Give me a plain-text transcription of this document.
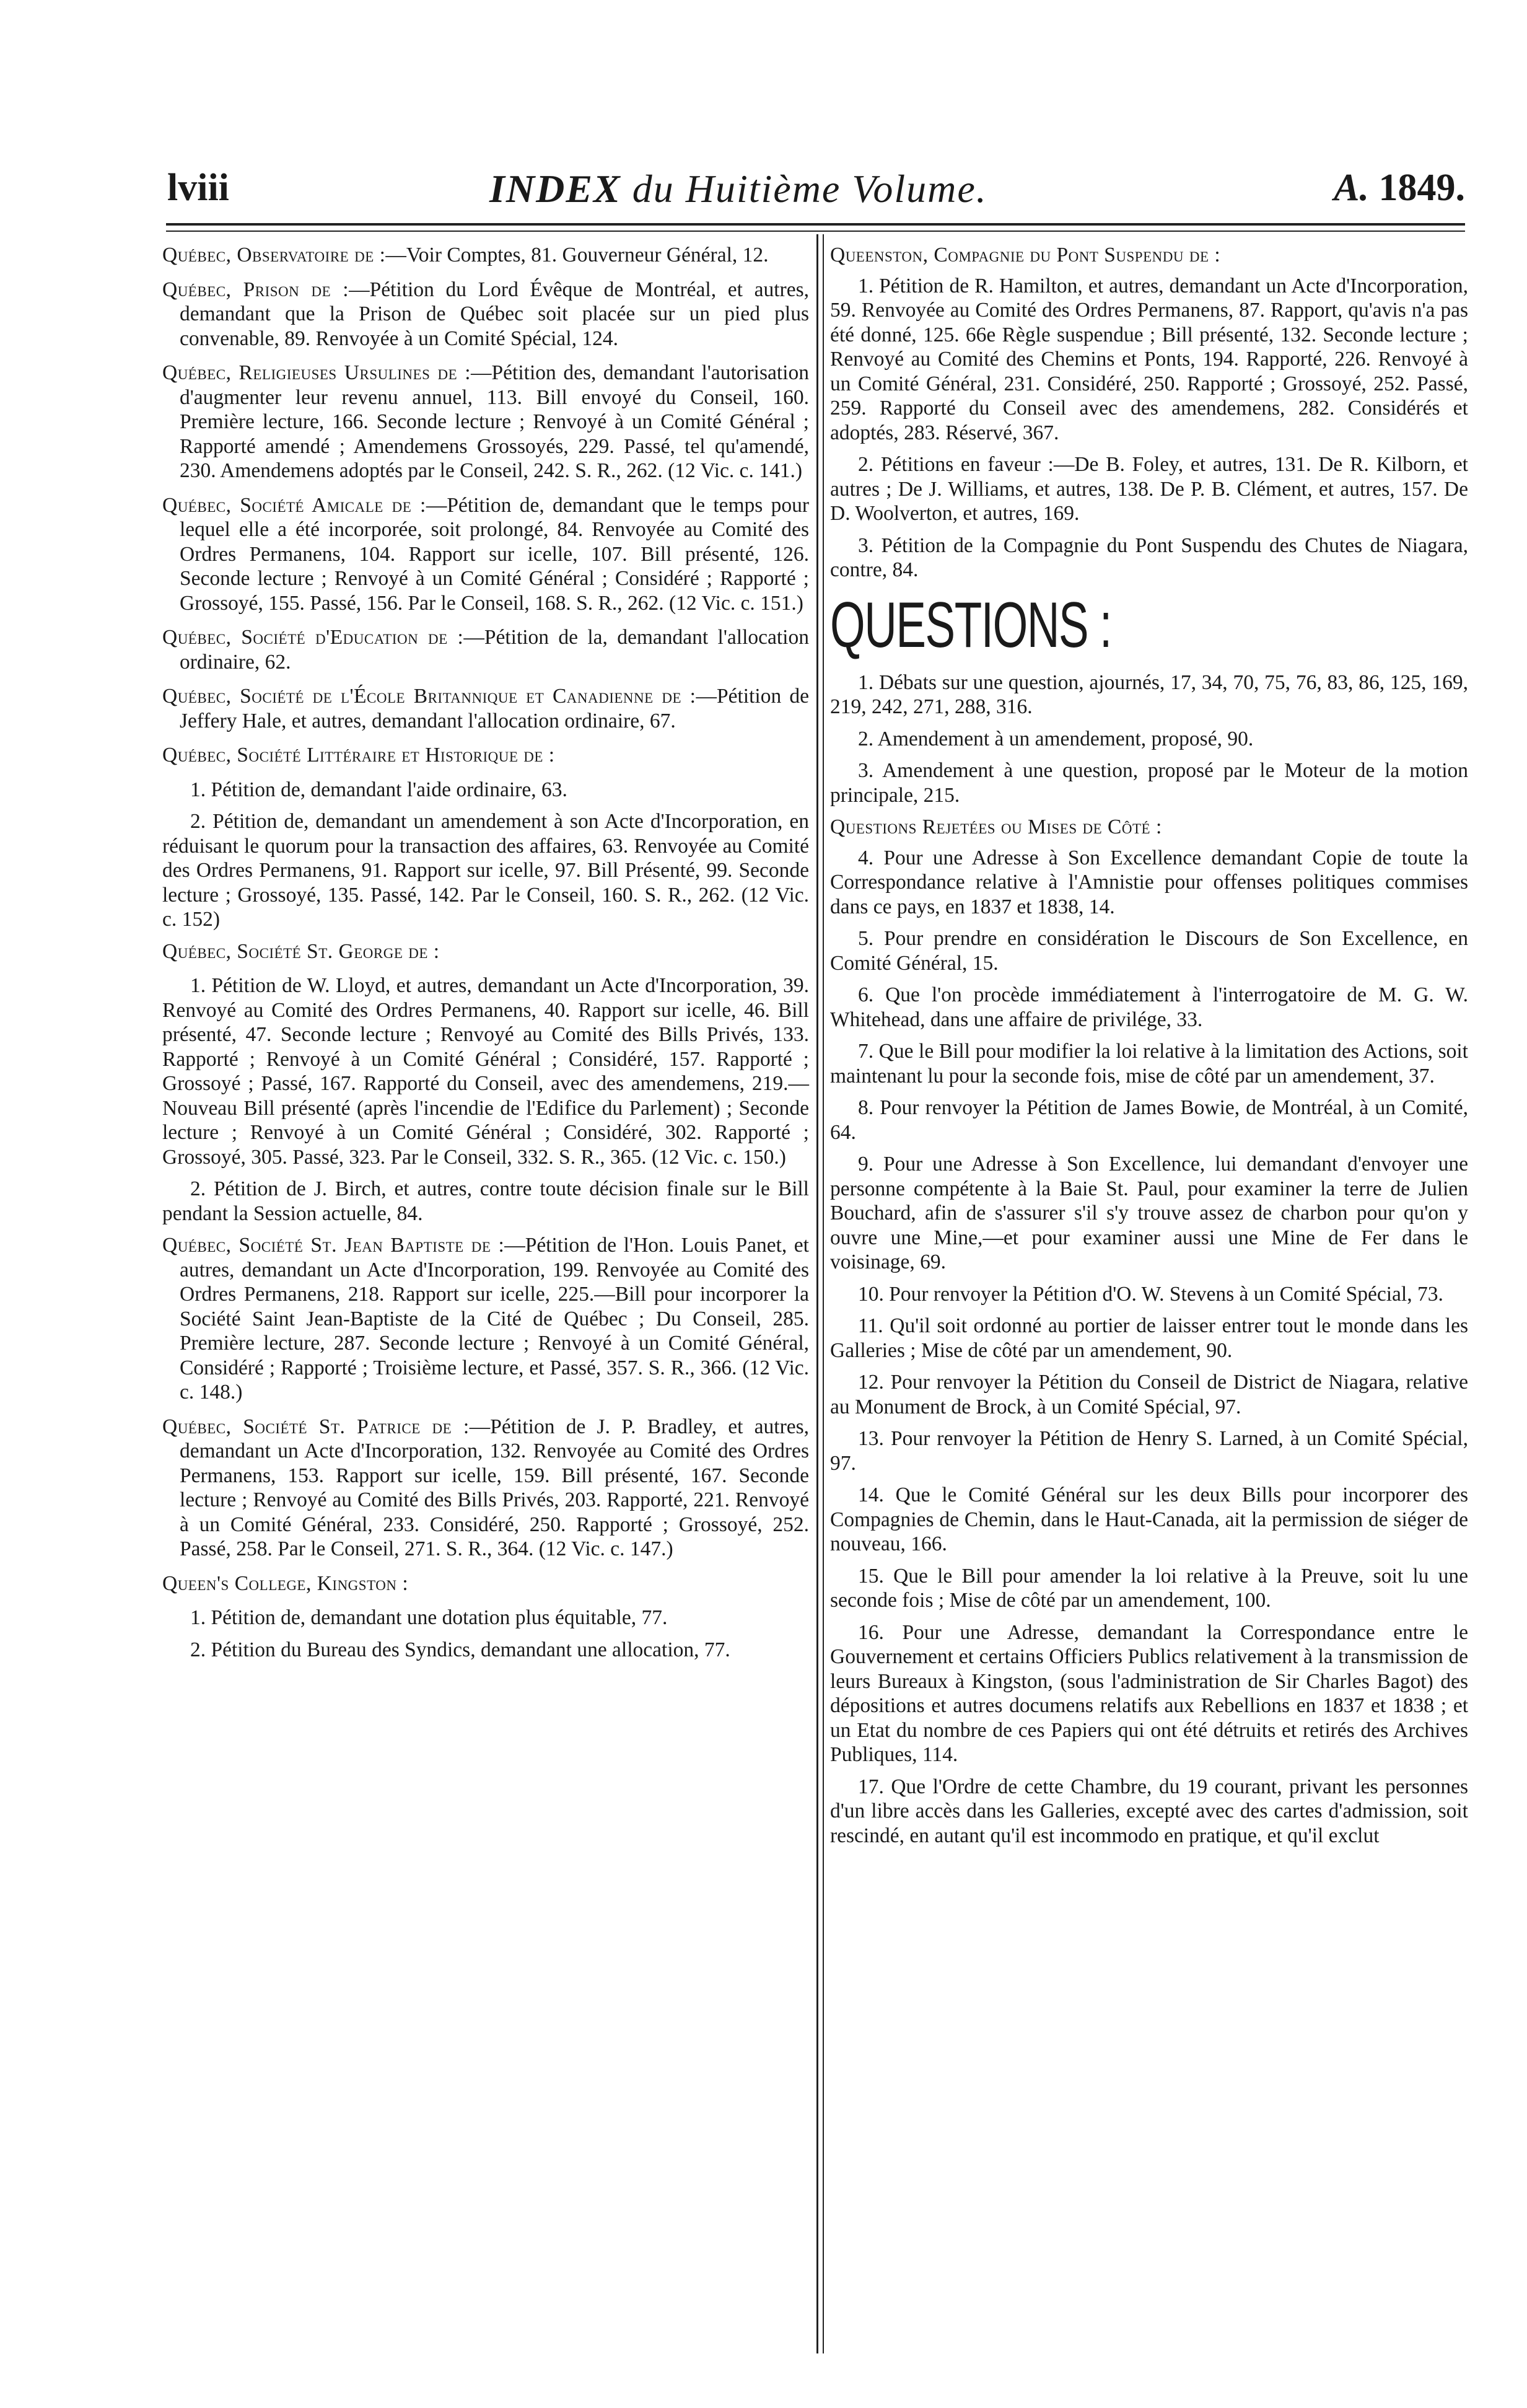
lviii	INDEX du Huitième Volume.	A. 1849.
Québec, Observatoire de :—Voir Comptes, 81. Gouverneur Général, 12.
Québec, Prison de :—Pétition du Lord Évêque de Montréal, et autres, demandant que la Prison de Québec soit placée sur un pied plus convenable, 89. Renvoyée à un Comité Spécial, 124.
Québec, Religieuses Ursulines de :—Pétition des, demandant l'autorisation d'augmenter leur revenu annuel, 113. Bill envoyé du Conseil, 160. Première lecture, 166. Seconde lecture ; Renvoyé à un Comité Général ; Rapporté amendé ; Amendemens Grossoyés, 229. Passé, tel qu'amendé, 230. Amendemens adoptés par le Conseil, 242. S. R., 262. (12 Vic. c. 141.)
Québec, Société Amicale de :—Pétition de, demandant que le temps pour lequel elle a été incorporée, soit prolongé, 84. Renvoyée au Comité des Ordres Permanens, 104. Rapport sur icelle, 107. Bill présenté, 126. Seconde lecture ; Renvoyé à un Comité Général ; Considéré ; Rapporté ; Grossoyé, 155. Passé, 156. Par le Conseil, 168. S. R., 262. (12 Vic. c. 151.)
Québec, Société d'Education de :—Pétition de la, demandant l'allocation ordinaire, 62.
Québec, Société de l'École Britannique et Canadienne de :—Pétition de Jeffery Hale, et autres, demandant l'allocation ordinaire, 67.
Québec, Société Littéraire et Historique de :
1. Pétition de, demandant l'aide ordinaire, 63.
2. Pétition de, demandant un amendement à son Acte d'Incorporation, en réduisant le quorum pour la transaction des affaires, 63. Renvoyée au Comité des Ordres Permanens, 91. Rapport sur icelle, 97. Bill Présenté, 99. Seconde lecture ; Grossoyé, 135. Passé, 142. Par le Conseil, 160. S. R., 262. (12 Vic. c. 152)
Québec, Société St. George de :
1. Pétition de W. Lloyd, et autres, demandant un Acte d'Incorporation, 39. Renvoyé au Comité des Ordres Permanens, 40. Rapport sur icelle, 46. Bill présenté, 47. Seconde lecture ; Renvoyé au Comité des Bills Privés, 133. Rapporté ; Renvoyé à un Comité Général ; Considéré, 157. Rapporté ; Grossoyé ; Passé, 167. Rapporté du Conseil, avec des amendemens, 219.—Nouveau Bill présenté (après l'incendie de l'Edifice du Parlement) ; Seconde lecture ; Renvoyé à un Comité Général ; Considéré, 302. Rapporté ; Grossoyé, 305. Passé, 323. Par le Conseil, 332. S. R., 365. (12 Vic. c. 150.)
2. Pétition de J. Birch, et autres, contre toute décision finale sur le Bill pendant la Session actuelle, 84.
Québec, Société St. Jean Baptiste de :—Pétition de l'Hon. Louis Panet, et autres, demandant un Acte d'Incorporation, 199. Renvoyée au Comité des Ordres Permanens, 218. Rapport sur icelle, 225.—Bill pour incorporer la Société Saint Jean-Baptiste de la Cité de Québec ; Du Conseil, 285. Première lecture, 287. Seconde lecture ; Renvoyé à un Comité Général, Considéré ; Rapporté ; Troisième lecture, et Passé, 357. S. R., 366. (12 Vic. c. 148.)
Québec, Société St. Patrice de :—Pétition de J. P. Bradley, et autres, demandant un Acte d'Incorporation, 132. Renvoyée au Comité des Ordres Permanens, 153. Rapport sur icelle, 159. Bill présenté, 167. Seconde lecture ; Renvoyé au Comité des Bills Privés, 203. Rapporté, 221. Renvoyé à un Comité Général, 233. Considéré, 250. Rapporté ; Grossoyé, 252. Passé, 258. Par le Conseil, 271. S. R., 364. (12 Vic. c. 147.)
Queen's College, Kingston :
1. Pétition de, demandant une dotation plus équitable, 77.
2. Pétition du Bureau des Syndics, demandant une allocation, 77.
Queenston, Compagnie du Pont Suspendu de :
1. Pétition de R. Hamilton, et autres, demandant un Acte d'Incorporation, 59. Renvoyée au Comité des Ordres Permanens, 87. Rapport, qu'avis n'a pas été donné, 125. 66e Règle suspendue ; Bill présenté, 132. Seconde lecture ; Renvoyé au Comité des Chemins et Ponts, 194. Rapporté, 226. Renvoyé à un Comité Général, 231. Considéré, 250. Rapporté ; Grossoyé, 252. Passé, 259. Rapporté du Conseil avec des amendemens, 282. Considérés et adoptés, 283. Réservé, 367.
2. Pétitions en faveur :—De B. Foley, et autres, 131. De R. Kilborn, et autres ; De J. Williams, et autres, 138. De P. B. Clément, et autres, 157. De D. Woolverton, et autres, 169.
3. Pétition de la Compagnie du Pont Suspendu des Chutes de Niagara, contre, 84.
QUESTIONS :
1. Débats sur une question, ajournés, 17, 34, 70, 75, 76, 83, 86, 125, 169, 219, 242, 271, 288, 316.
2. Amendement à un amendement, proposé, 90.
3. Amendement à une question, proposé par le Moteur de la motion principale, 215.
Questions Rejetées ou Mises de Côté :
4. Pour une Adresse à Son Excellence demandant Copie de toute la Correspondance relative à l'Amnistie pour offenses politiques commises dans ce pays, en 1837 et 1838, 14.
5. Pour prendre en considération le Discours de Son Excellence, en Comité Général, 15.
6. Que l'on procède immédiatement à l'interrogatoire de M. G. W. Whitehead, dans une affaire de privilége, 33.
7. Que le Bill pour modifier la loi relative à la limitation des Actions, soit maintenant lu pour la seconde fois, mise de côté par un amendement, 37.
8. Pour renvoyer la Pétition de James Bowie, de Montréal, à un Comité, 64.
9. Pour une Adresse à Son Excellence, lui demandant d'envoyer une personne compétente à la Baie St. Paul, pour examiner la terre de Julien Bouchard, afin de s'assurer s'il s'y trouve assez de charbon pour qu'on y ouvre une Mine,—et pour examiner aussi une Mine de Fer dans le voisinage, 69.
10. Pour renvoyer la Pétition d'O. W. Stevens à un Comité Spécial, 73.
11. Qu'il soit ordonné au portier de laisser entrer tout le monde dans les Galleries ; Mise de côté par un amendement, 90.
12. Pour renvoyer la Pétition du Conseil de District de Niagara, relative au Monument de Brock, à un Comité Spécial, 97.
13. Pour renvoyer la Pétition de Henry S. Larned, à un Comité Spécial, 97.
14. Que le Comité Général sur les deux Bills pour incorporer des Compagnies de Chemin, dans le Haut-Canada, ait la permission de siéger de nouveau, 166.
15. Que le Bill pour amender la loi relative à la Preuve, soit lu une seconde fois ; Mise de côté par un amendement, 100.
16. Pour une Adresse, demandant la Correspondance entre le Gouvernement et certains Officiers Publics relativement à la transmission de leurs Bureaux à Kingston, (sous l'administration de Sir Charles Bagot) des dépositions et autres documens relatifs aux Rebellions en 1837 et 1838 ; et un Etat du nombre de ces Papiers qui ont été détruits et retirés des Archives Publiques, 114.
17. Que l'Ordre de cette Chambre, du 19 courant, privant les personnes d'un libre accès dans les Galleries, excepté avec des cartes d'admission, soit rescindé, en autant qu'il est incommodo en pratique, et qu'il exclut
